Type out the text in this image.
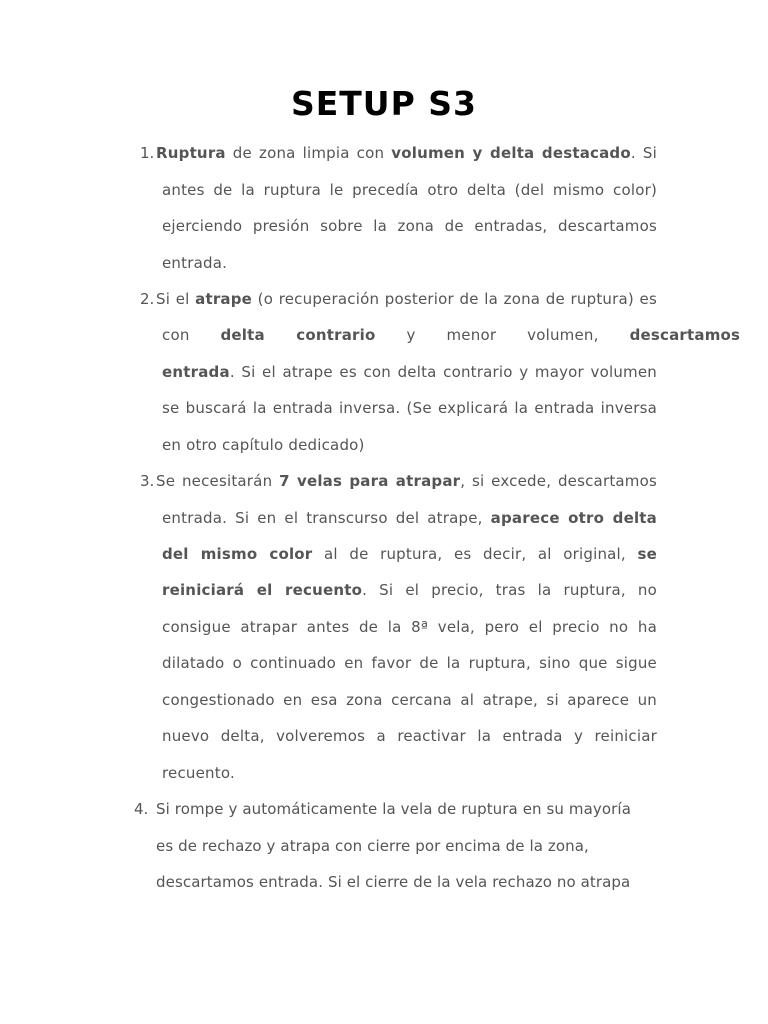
SETUP S3
1. Ruptura de zona limpia con volumen y delta destacado. Si
antes de la ruptura le precedía otro delta (del mismo color)
ejerciendo presión sobre la zona de entradas, descartamos
entrada.
2. Si el atrape (o recuperación posterior de la zona de ruptura) es
con delta contrario y menor volumen, descartamos
entrada. Si el atrape es con delta contrario y mayor volumen
se buscará la entrada inversa. (Se explicará la entrada inversa
en otro capítulo dedicado)
3. Se necesitarán 7 velas para atrapar, si excede, descartamos
entrada. Si en el transcurso del atrape, aparece otro delta
del mismo color al de ruptura, es decir, al original, se
reiniciará el recuento. Si el precio, tras la ruptura, no
consigue atrapar antes de la 8ª vela, pero el precio no ha
dilatado o continuado en favor de la ruptura, sino que sigue
congestionado en esa zona cercana al atrape, si aparece un
nuevo delta, volveremos a reactivar la entrada y reiniciar
recuento.
4. Si rompe y automáticamente la vela de ruptura en su mayoría
es de rechazo y atrapa con cierre por encima de la zona,
descartamos entrada. Si el cierre de la vela rechazo no atrapa
